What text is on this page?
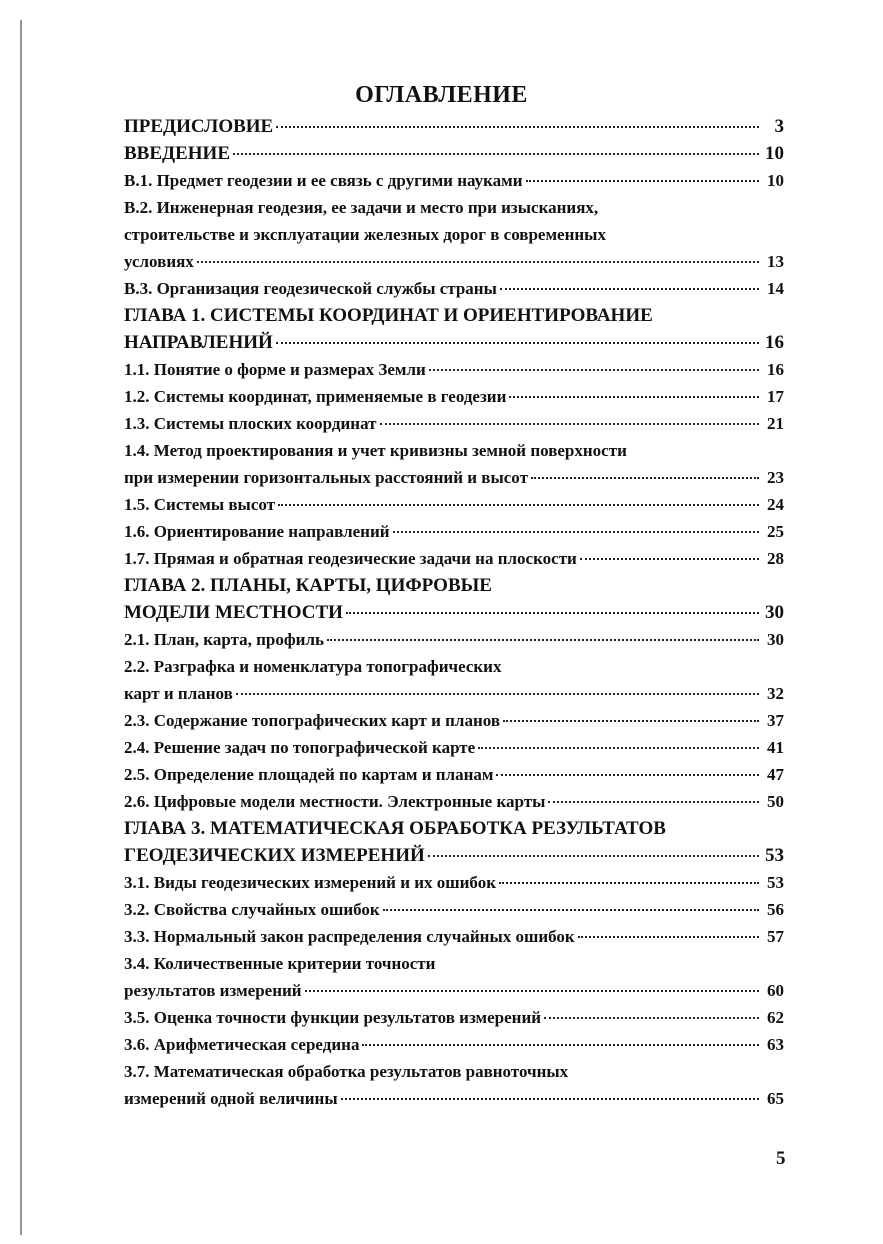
ОГЛАВЛЕНИЕ
ПРЕДИСЛОВИЕ	3
ВВЕДЕНИЕ	10
В.1. Предмет геодезии и ее связь с другими науками	10
В.2. Инженерная геодезия, ее задачи и место при изысканиях,
строительстве и эксплуатации железных дорог в современных
условиях	13
В.3. Организация геодезической службы страны	14
ГЛАВА 1. СИСТЕМЫ КООРДИНАТ И ОРИЕНТИРОВАНИЕ
НАПРАВЛЕНИЙ	16
1.1. Понятие о форме и размерах Земли	16
1.2. Системы координат, применяемые в геодезии	17
1.3. Системы плоских координат	21
1.4. Метод проектирования и учет кривизны земной поверхности
при измерении горизонтальных расстояний и высот	23
1.5. Системы высот	24
1.6. Ориентирование направлений	25
1.7. Прямая и обратная геодезические задачи на плоскости	28
ГЛАВА 2. ПЛАНЫ, КАРТЫ, ЦИФРОВЫЕ
МОДЕЛИ МЕСТНОСТИ	30
2.1. План, карта, профиль	30
2.2. Разграфка и номенклатура топографических
карт и планов	32
2.3. Содержание топографических карт и планов	37
2.4. Решение задач по топографической карте	41
2.5. Определение площадей по картам и планам	47
2.6. Цифровые модели местности. Электронные карты	50
ГЛАВА 3. МАТЕМАТИЧЕСКАЯ ОБРАБОТКА РЕЗУЛЬТАТОВ
ГЕОДЕЗИЧЕСКИХ ИЗМЕРЕНИЙ	53
3.1. Виды геодезических измерений и их ошибок	53
3.2. Свойства случайных ошибок	56
3.3. Нормальный закон распределения случайных ошибок	57
3.4. Количественные критерии точности
результатов измерений	60
3.5. Оценка точности функции результатов измерений	62
3.6. Арифметическая середина	63
3.7. Математическая обработка результатов равноточных
измерений одной величины	65
5
